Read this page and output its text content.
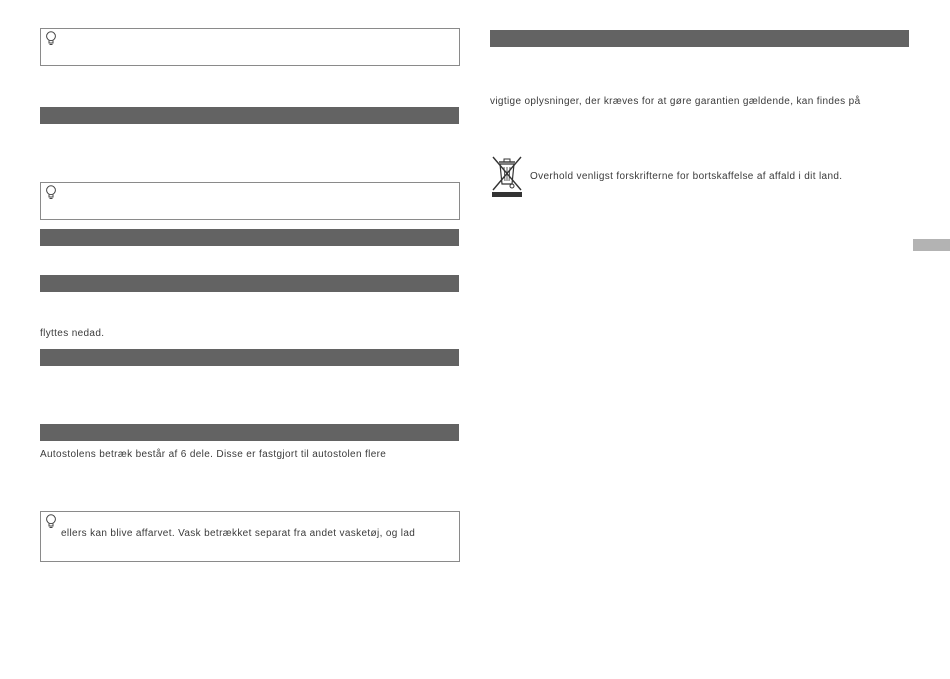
flyttes nedad.
Autostolens betræk består af 6 dele. Disse er fastgjort til autostolen flere
ellers kan blive affarvet. Vask betrækket separat fra andet vasketøj, og lad
vigtige oplysninger, der kræves for at gøre garantien gældende, kan findes på
Overhold venligst forskrifterne for bortskaffelse af affald i dit land.
